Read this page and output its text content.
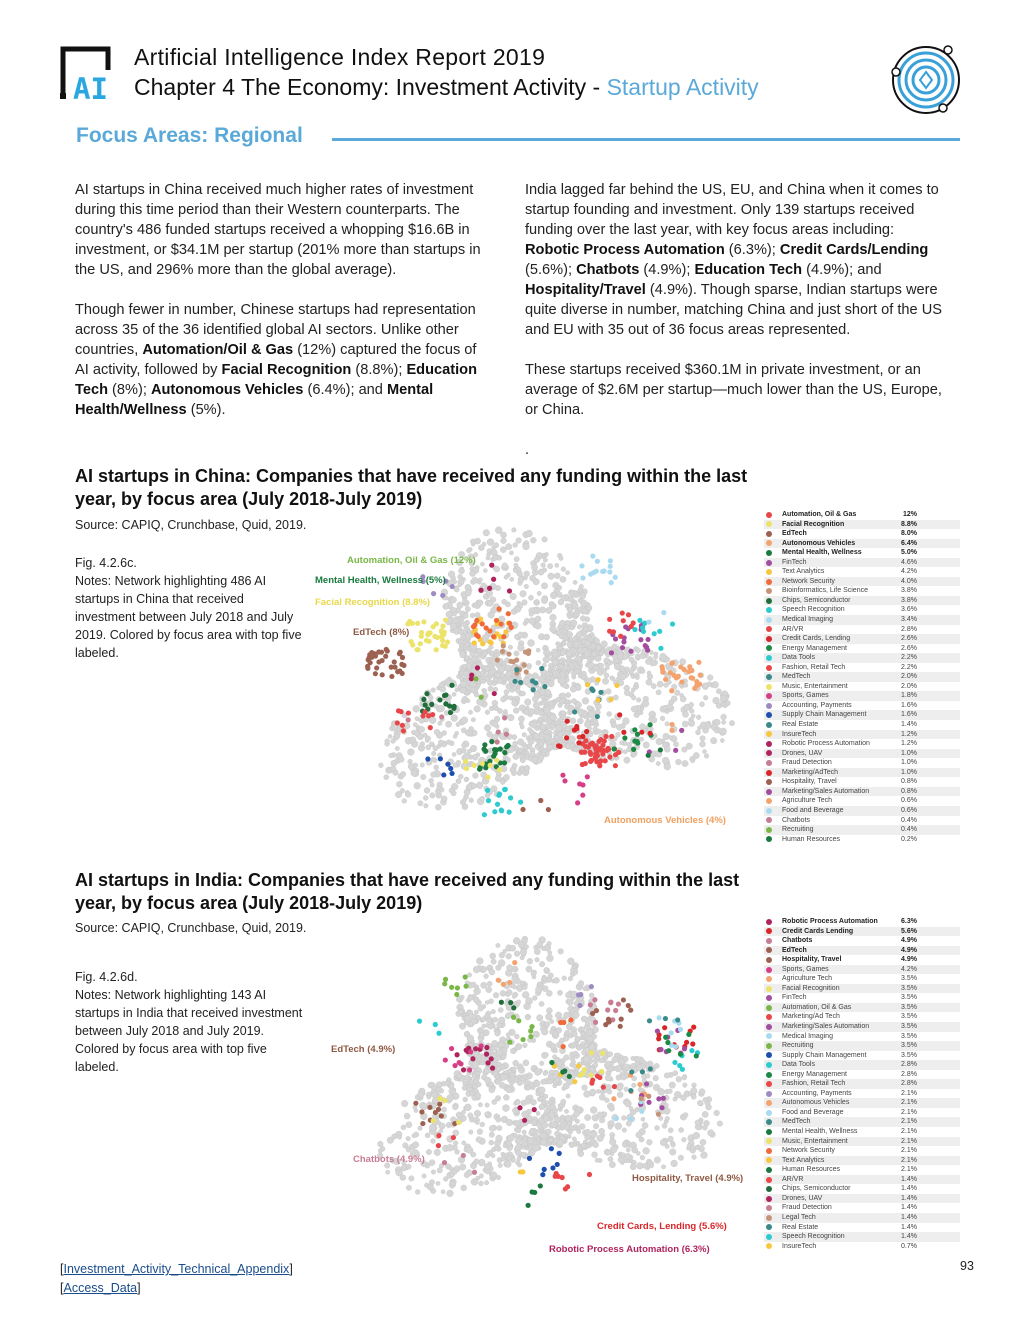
AI
Artificial Intelligence Index Report 2019
Chapter 4 The Economy: Investment Activity - Startup Activity
Focus Areas: Regional

AI startups in China received much higher rates of investment during this time period than their Western counterparts. The country's 486 funded startups received a whopping $16.6B in investment, or $34.1M per startup (201% more than startups in the US, and 296% more than the global average).

Though fewer in number, Chinese startups had representation across 35 of the 36 identified global AI sectors. Unlike other countries, Automation/Oil & Gas (12%) captured the focus of AI activity, followed by Facial Recognition (8.8%); Education Tech (8%); Autonomous Vehicles (6.4%); and Mental Health/Wellness (5%).

India lagged far behind the US, EU, and China when it comes to startup founding and investment. Only 139 startups received funding over the last year, with key focus areas including: Robotic Process Automation (6.3%); Credit Cards/Lending (5.6%); Chatbots (4.9%); Education Tech (4.9%); and Hospitality/Travel (4.9%). Though sparse, Indian startups were quite diverse in number, matching China and just short of the US and EU with 35 out of 36 focus areas represented.

These startups received $360.1M in private investment, or an average of $2.6M per startup—much lower than the US, Europe, or China.

.

AI startups in China: Companies that have received any funding within the last year, by focus area (July 2018-July 2019)
Source: CAPIQ, Crunchbase, Quid, 2019.
Fig. 4.2.6c.
Notes: Network highlighting 486 AI startups in China that received investment between July 2018 and July 2019. Colored by focus area with top five labeled.
Automation, Oil & Gas (12%)
Mental Health, Wellness (5%)
Facial Recognition (8.8%)
EdTech (8%)
Autonomous Vehicles (4%)
Automation, Oil & Gas	12%
Facial Recognition	8.8%
EdTech	8.0%
Autonomous Vehicles	6.4%
Mental Health, Wellness	5.0%
FinTech	4.6%
Text Analytics	4.2%
Network Security	4.0%
Bioinformatics, Life Science	3.8%
Chips, Semiconductor	3.8%
Speech Recognition	3.6%
Medical Imaging	3.4%
AR/VR	2.8%
Credit Cards, Lending	2.6%
Energy Management	2.6%
Data Tools	2.2%
Fashion, Retail Tech	2.2%
MedTech	2.0%
Music, Entertainment	2.0%
Sports, Games	1.8%
Accounting, Payments	1.6%
Supply Chain Management	1.6%
Real Estate	1.4%
InsureTech	1.2%
Robotic Process Automation	1.2%
Drones, UAV	1.0%
Fraud Detection	1.0%
Marketing/AdTech	1.0%
Hospitality, Travel	0.8%
Marketing/Sales Automation	0.8%
Agriculture Tech	0.6%
Food and Beverage	0.6%
Chatbots	0.4%
Recruiting	0.4%
Human Resources	0.2%
AI startups in India: Companies that have received any funding within the last year, by focus area (July 2018-July 2019)
Source: CAPIQ, Crunchbase, Quid, 2019.
Fig. 4.2.6d.
Notes: Network highlighting 143 AI startups in India that received investment between July 2018 and July 2019. Colored by focus area with top five labeled.
EdTech (4.9%)
Chatbots (4.9%)
Hospitality, Travel (4.9%)
Credit Cards, Lending (5.6%)
Robotic Process Automation (6.3%)
Robotic Process Automation	6.3%
Credit Cards Lending	5.6%
Chatbots	4.9%
EdTech	4.9%
Hospitality, Travel	4.9%
Sports, Games	4.2%
Agriculture Tech	3.5%
Facial Recognition	3.5%
FinTech	3.5%
Automation, Oil & Gas	3.5%
Marketing/Ad Tech	3.5%
Marketing/Sales Automation	3.5%
Medical Imaging	3.5%
Recruiting	3.5%
Supply Chain Management	3.5%
Data Tools	2.8%
Energy Management	2.8%
Fashion, Retail Tech	2.8%
Accounting, Payments	2.1%
Autonomous Vehicles	2.1%
Food and Beverage	2.1%
MedTech	2.1%
Mental Health, Wellness	2.1%
Music, Entertainment	2.1%
Network Security	2.1%
Text Analytics	2.1%
Human Resources	2.1%
AR/VR	1.4%
Chips, Semiconductor	1.4%
Drones, UAV	1.4%
Fraud Detection	1.4%
Legal Tech	1.4%
Real Estate	1.4%
Speech Recognition	1.4%
InsureTech	0.7%
[Investment_Activity_Technical_Appendix]
[Access_Data]
93
